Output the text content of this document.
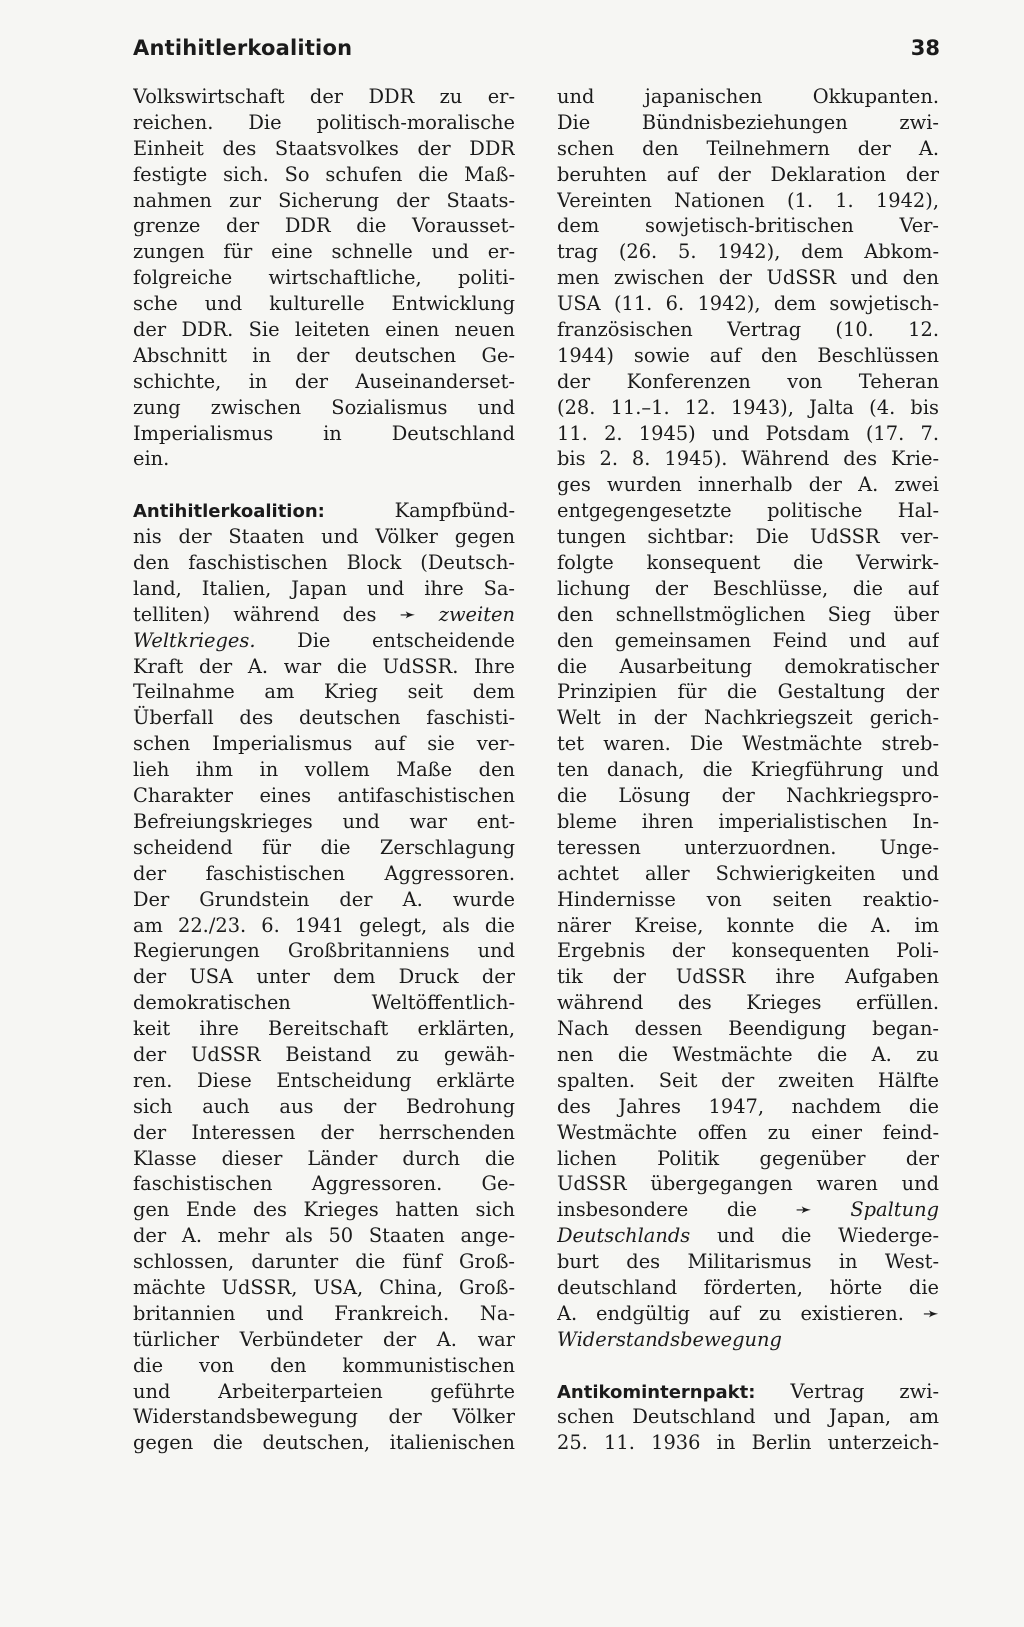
Antihitlerkoalition	38
Volkswirtschaft der DDR zu er-
reichen. Die politisch-moralische
Einheit des Staatsvolkes der DDR
festigte sich. So schufen die Maß-
nahmen zur Sicherung der Staats-
grenze der DDR die Vorausset-
zungen für eine schnelle und er-
folgreiche wirtschaftliche, politi-
sche und kulturelle Entwicklung
der DDR. Sie leiteten einen neuen
Abschnitt in der deutschen Ge-
schichte, in der Auseinanderset-
zung zwischen Sozialismus und
Imperialismus in Deutschland
ein.
Antihitlerkoalition: Kampfbünd-
nis der Staaten und Völker gegen
den faschistischen Block (Deutsch-
land, Italien, Japan und ihre Sa-
telliten) während des ➛ zweiten
Weltkrieges. Die entscheidende
Kraft der A. war die UdSSR. Ihre
Teilnahme am Krieg seit dem
Überfall des deutschen faschisti-
schen Imperialismus auf sie ver-
lieh ihm in vollem Maße den
Charakter eines antifaschistischen
Befreiungskrieges und war ent-
scheidend für die Zerschlagung
der faschistischen Aggressoren.
Der Grundstein der A. wurde
am 22./23. 6. 1941 gelegt, als die
Regierungen Großbritanniens und
der USA unter dem Druck der
demokratischen Weltöffentlich-
keit ihre Bereitschaft erklärten,
der UdSSR Beistand zu gewäh-
ren. Diese Entscheidung erklärte
sich auch aus der Bedrohung
der Interessen der herrschenden
Klasse dieser Länder durch die
faschistischen Aggressoren. Ge-
gen Ende des Krieges hatten sich
der A. mehr als 50 Staaten ange-
schlossen, darunter die fünf Groß-
mächte UdSSR, USA, China, Groß-
britannien und Frankreich. Na-
türlicher Verbündeter der A. war
die von den kommunistischen
und Arbeiterparteien geführte
Widerstandsbewegung der Völker
gegen die deutschen, italienischen
und japanischen Okkupanten.
Die Bündnisbeziehungen zwi-
schen den Teilnehmern der A.
beruhten auf der Deklaration der
Vereinten Nationen (1. 1. 1942),
dem sowjetisch-britischen Ver-
trag (26. 5. 1942), dem Abkom-
men zwischen der UdSSR und den
USA (11. 6. 1942), dem sowjetisch-
französischen Vertrag (10. 12.
1944) sowie auf den Beschlüssen
der Konferenzen von Teheran
(28. 11.–1. 12. 1943), Jalta (4. bis
11. 2. 1945) und Potsdam (17. 7.
bis 2. 8. 1945). Während des Krie-
ges wurden innerhalb der A. zwei
entgegengesetzte politische Hal-
tungen sichtbar: Die UdSSR ver-
folgte konsequent die Verwirk-
lichung der Beschlüsse, die auf
den schnellstmöglichen Sieg über
den gemeinsamen Feind und auf
die Ausarbeitung demokratischer
Prinzipien für die Gestaltung der
Welt in der Nachkriegszeit gerich-
tet waren. Die Westmächte streb-
ten danach, die Kriegführung und
die Lösung der Nachkriegspro-
bleme ihren imperialistischen In-
teressen unterzuordnen. Unge-
achtet aller Schwierigkeiten und
Hindernisse von seiten reaktio-
närer Kreise, konnte die A. im
Ergebnis der konsequenten Poli-
tik der UdSSR ihre Aufgaben
während des Krieges erfüllen.
Nach dessen Beendigung began-
nen die Westmächte die A. zu
spalten. Seit der zweiten Hälfte
des Jahres 1947, nachdem die
Westmächte offen zu einer feind-
lichen Politik gegenüber der
UdSSR übergegangen waren und
insbesondere die ➛ Spaltung
Deutschlands und die Wiederge-
burt des Militarismus in West-
deutschland förderten, hörte die
A. endgültig auf zu existieren. ➛
Widerstandsbewegung
Antikominternpakt: Vertrag zwi-
schen Deutschland und Japan, am
25. 11. 1936 in Berlin unterzeich-
